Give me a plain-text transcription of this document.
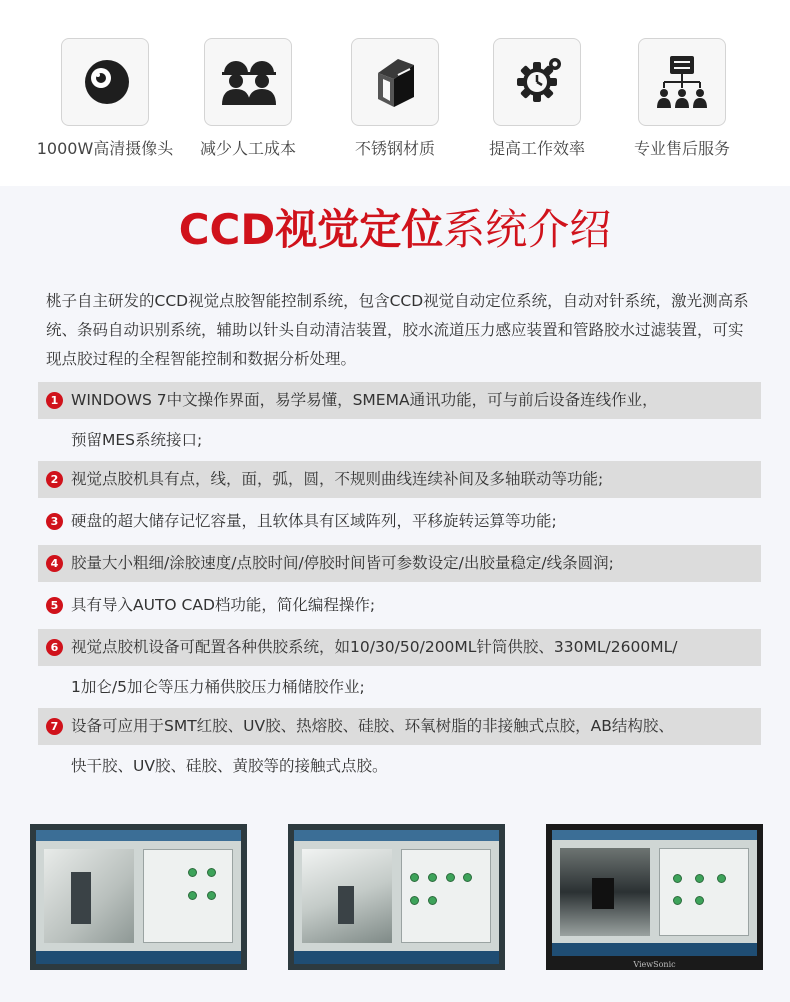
1000W高清摄像头	减少人工成本	不锈钢材质	提高工作效率	专业售后服务
CCD视觉定位系统介绍
桃子自主研发的CCD视觉点胶智能控制系统，包含CCD视觉自动定位系统，自动对针系统，激光测高系统、条码自动识别系统，辅助以针头自动清洁装置，胶水流道压力感应装置和管路胶水过滤装置，可实现点胶过程的全程智能控制和数据分析处理。
1 WINDOWS 7中文操作界面，易学易懂，SMEMA通讯功能，可与前后设备连线作业，
预留MES系统接口;
2 视觉点胶机具有点，线，面，弧，圆，不规则曲线连续补间及多轴联动等功能;
3 硬盘的超大储存记忆容量，且软体具有区域阵列，平移旋转运算等功能;
4 胶量大小粗细/涂胶速度/点胶时间/停胶时间皆可参数设定/出胶量稳定/线条圆润;
5 具有导入AUTO CAD档功能，简化编程操作;
6 视觉点胶机设备可配置各种供胶系统，如10/30/50/200ML针筒供胶、330ML/2600ML/
1加仑/5加仑等压力桶供胶压力桶储胶作业;
7 设备可应用于SMT红胶、UV胶、热熔胶、硅胶、环氧树脂的非接触式点胶，AB结构胶、
快干胶、UV胶、硅胶、黄胶等的接触式点胶。
ViewSonic
